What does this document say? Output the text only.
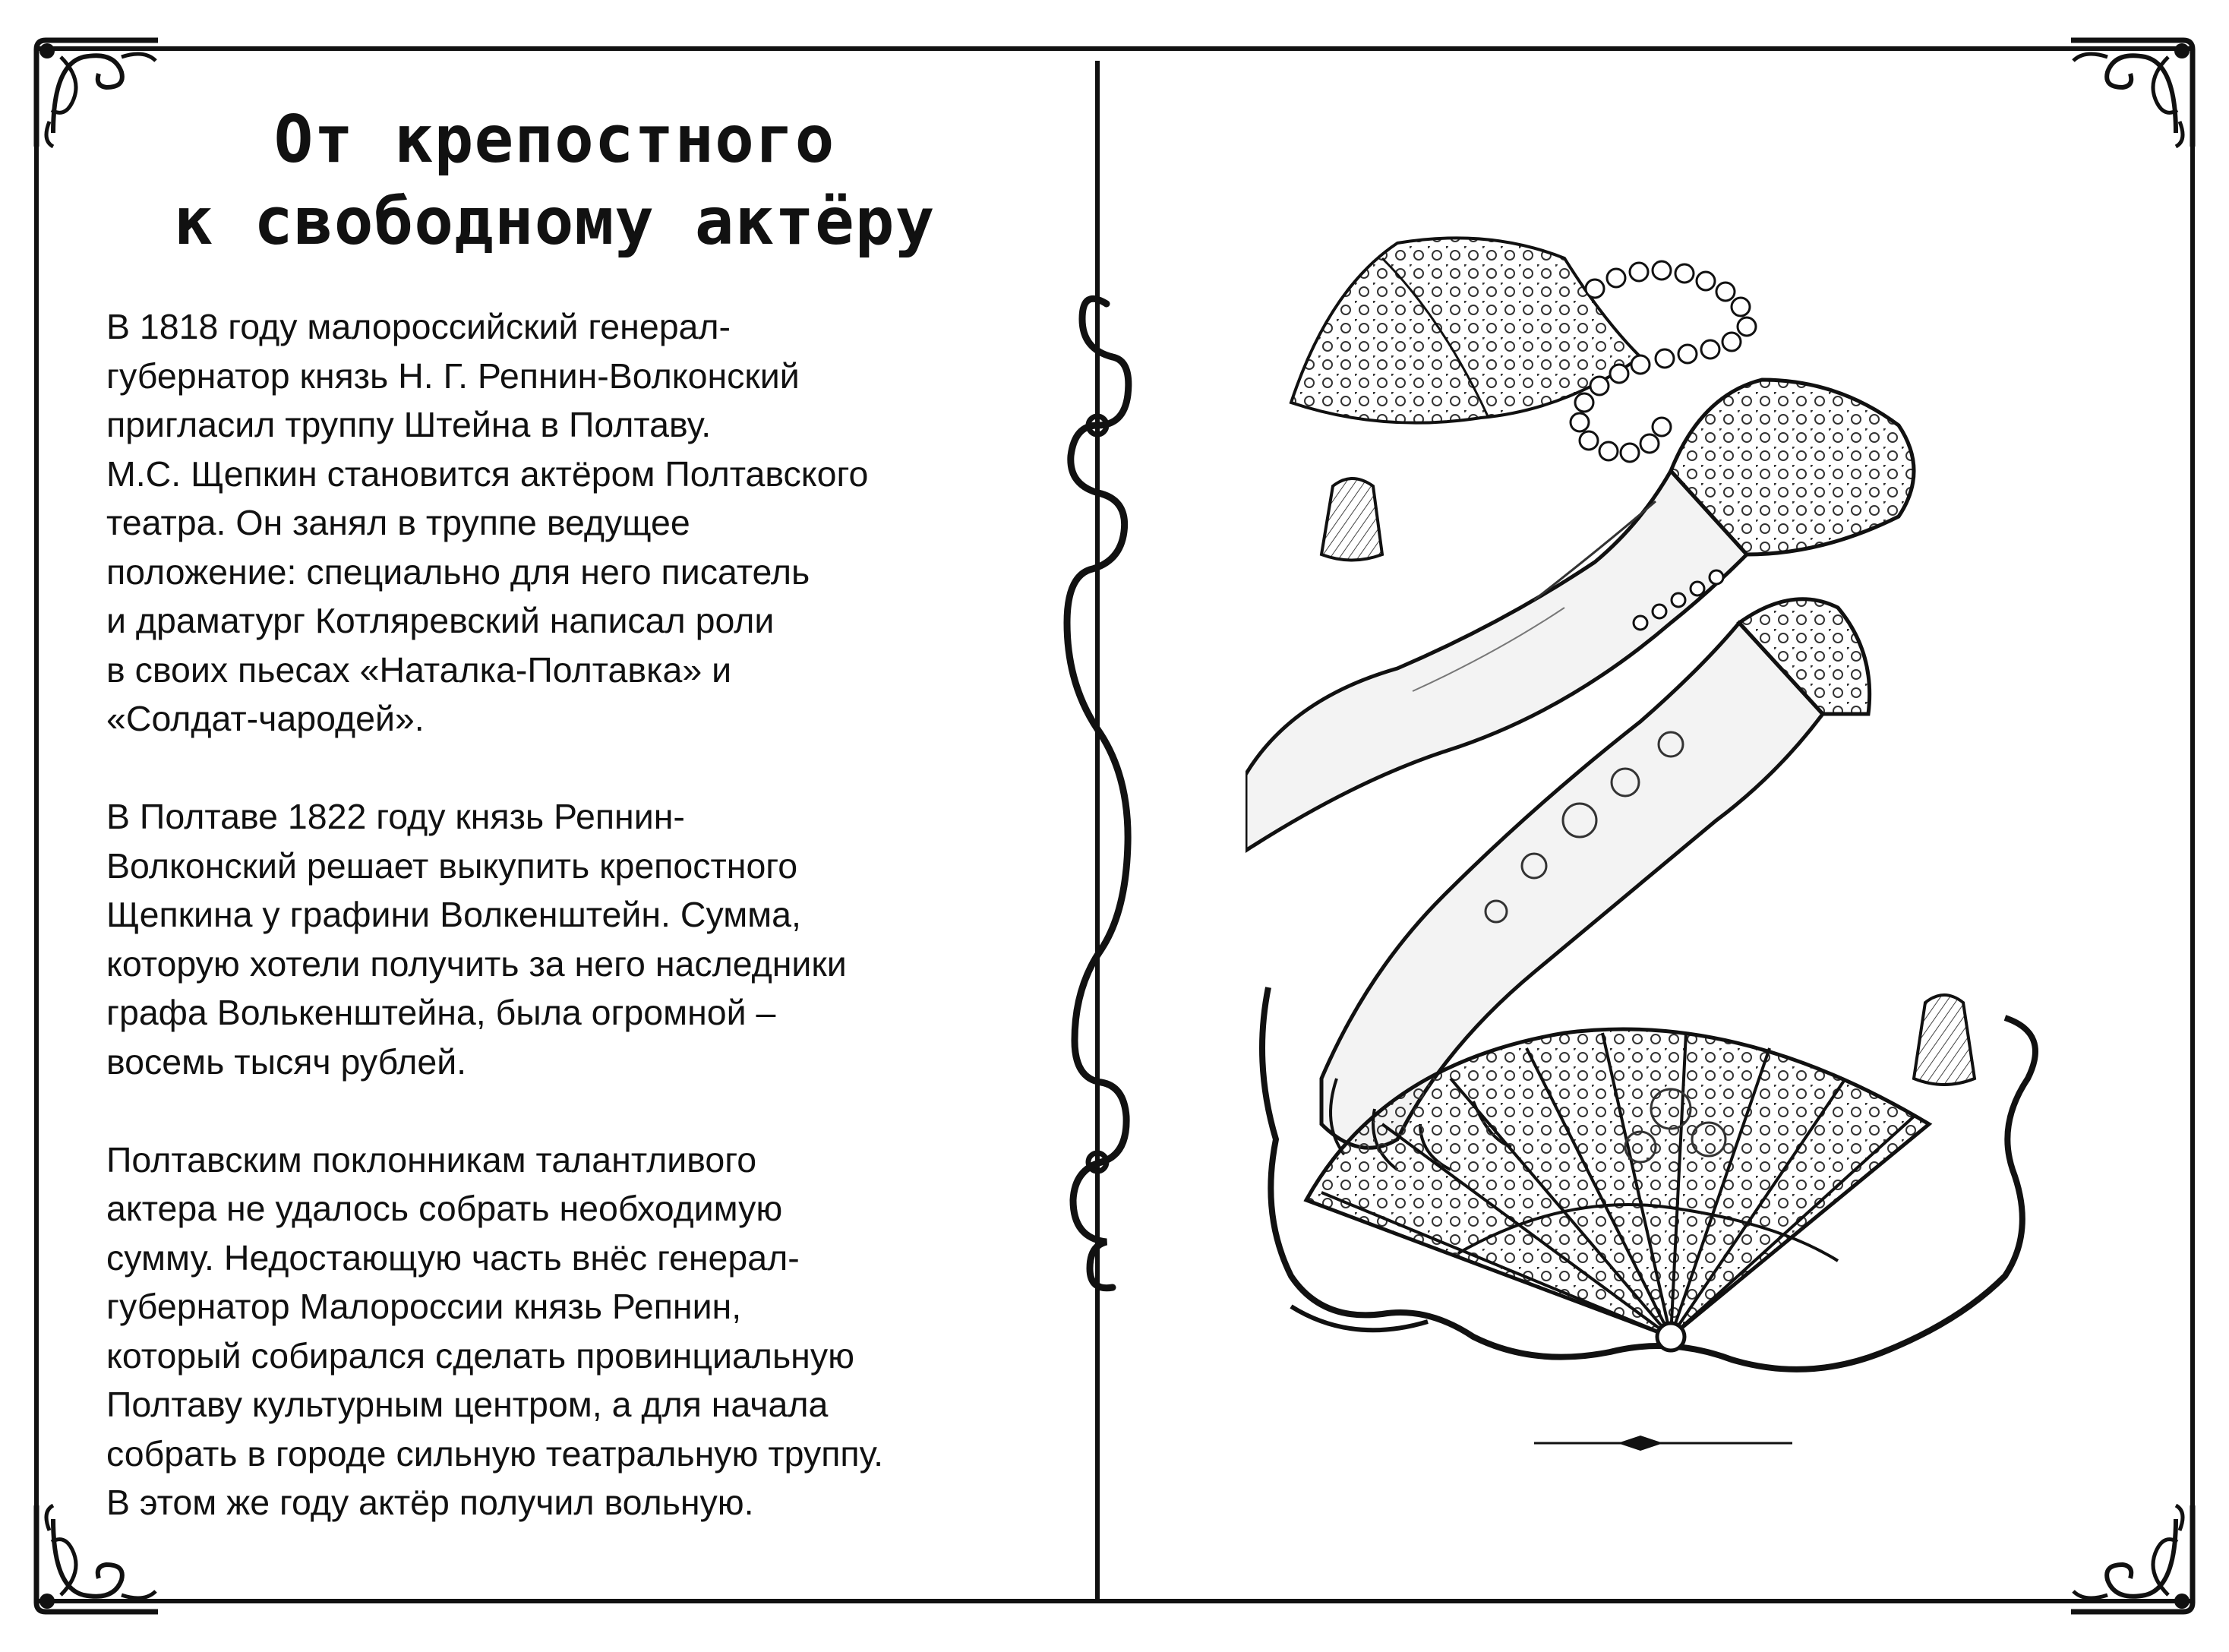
От крепостного
к свободному актёру
В 1818 году малороссийский генерал-
губернатор князь Н. Г. Репнин-Волконский
пригласил труппу Штейна в Полтаву.
М.С. Щепкин становится актёром Полтавского
театра. Он занял в труппе ведущее
положение: специально для него писатель
и драматург Котляревский написал роли
в своих пьесах «Наталка-Полтавка» и
«Солдат-чародей».
В Полтаве 1822 году князь Репнин-
Волконский решает выкупить крепостного
Щепкина у графини Волкенштейн. Сумма,
которую хотели получить за него наследники
графа Волькенштейна, была огромной –
восемь тысяч рублей.
Полтавским поклонникам талантливого
актера не удалось собрать необходимую
сумму. Недостающую часть внёс генерал-
губернатор Малороссии князь Репнин,
который собирался сделать провинциальную
Полтаву культурным центром, а для начала
собрать в городе сильную театральную труппу.
В этом же году актёр получил вольную.
